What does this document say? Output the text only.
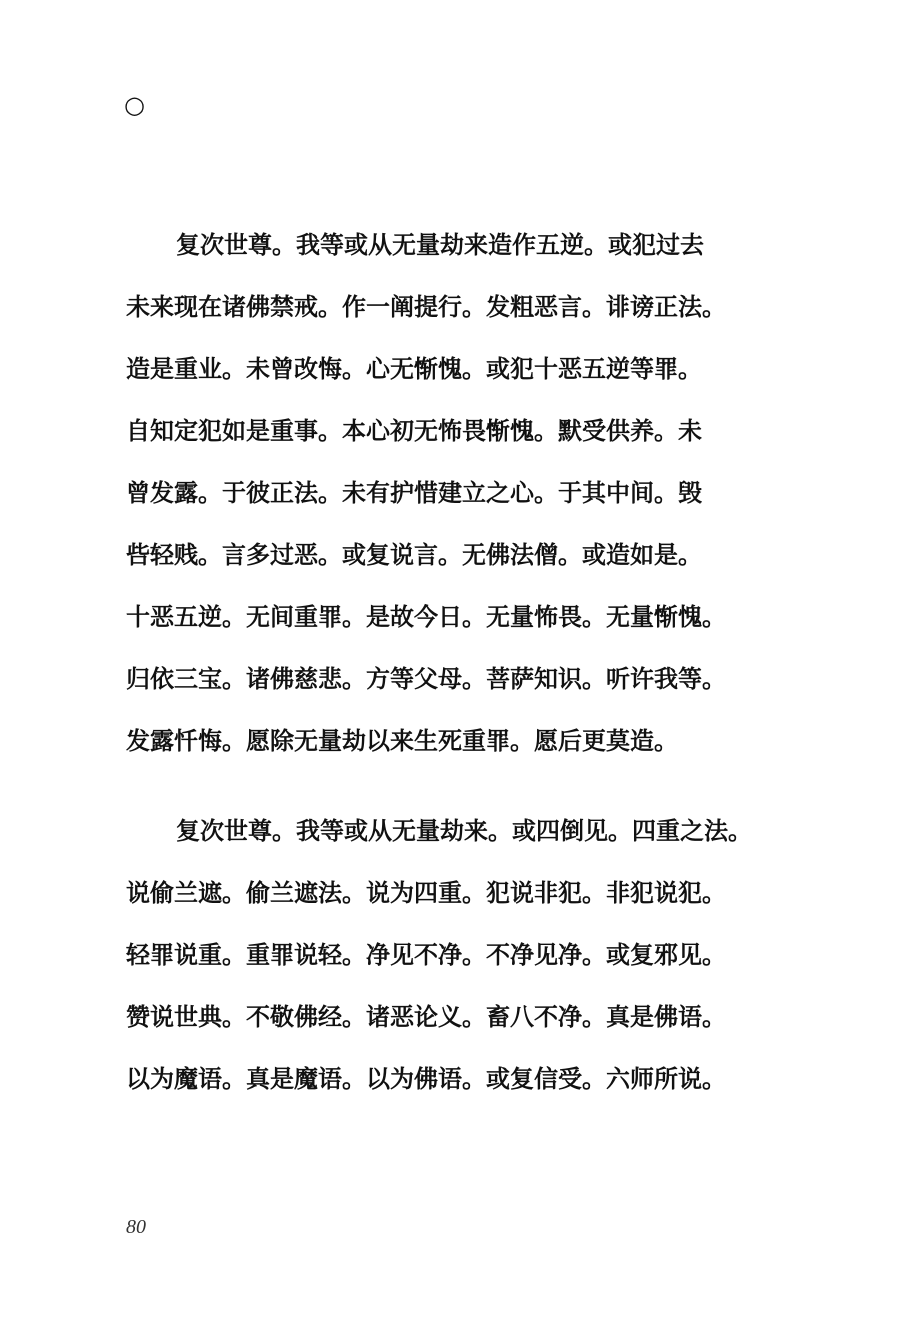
○
复次世尊。我等或从无量劫来造作五逆。或犯过去
未来现在诸佛禁戒。作一阐提行。发粗恶言。诽谤正法。
造是重业。未曾改悔。心无惭愧。或犯十恶五逆等罪。
自知定犯如是重事。本心初无怖畏惭愧。默受供养。未
曾发露。于彼正法。未有护惜建立之心。于其中间。毁
呰轻贱。言多过恶。或复说言。无佛法僧。或造如是。
十恶五逆。无间重罪。是故今日。无量怖畏。无量惭愧。
归依三宝。诸佛慈悲。方等父母。菩萨知识。听许我等。
发露忏悔。愿除无量劫以来生死重罪。愿后更莫造。
复次世尊。我等或从无量劫来。或四倒见。四重之法。
说偷兰遮。偷兰遮法。说为四重。犯说非犯。非犯说犯。
轻罪说重。重罪说轻。净见不净。不净见净。或复邪见。
赞说世典。不敬佛经。诸恶论义。畜八不净。真是佛语。
以为魔语。真是魔语。以为佛语。或复信受。六师所说。
80
